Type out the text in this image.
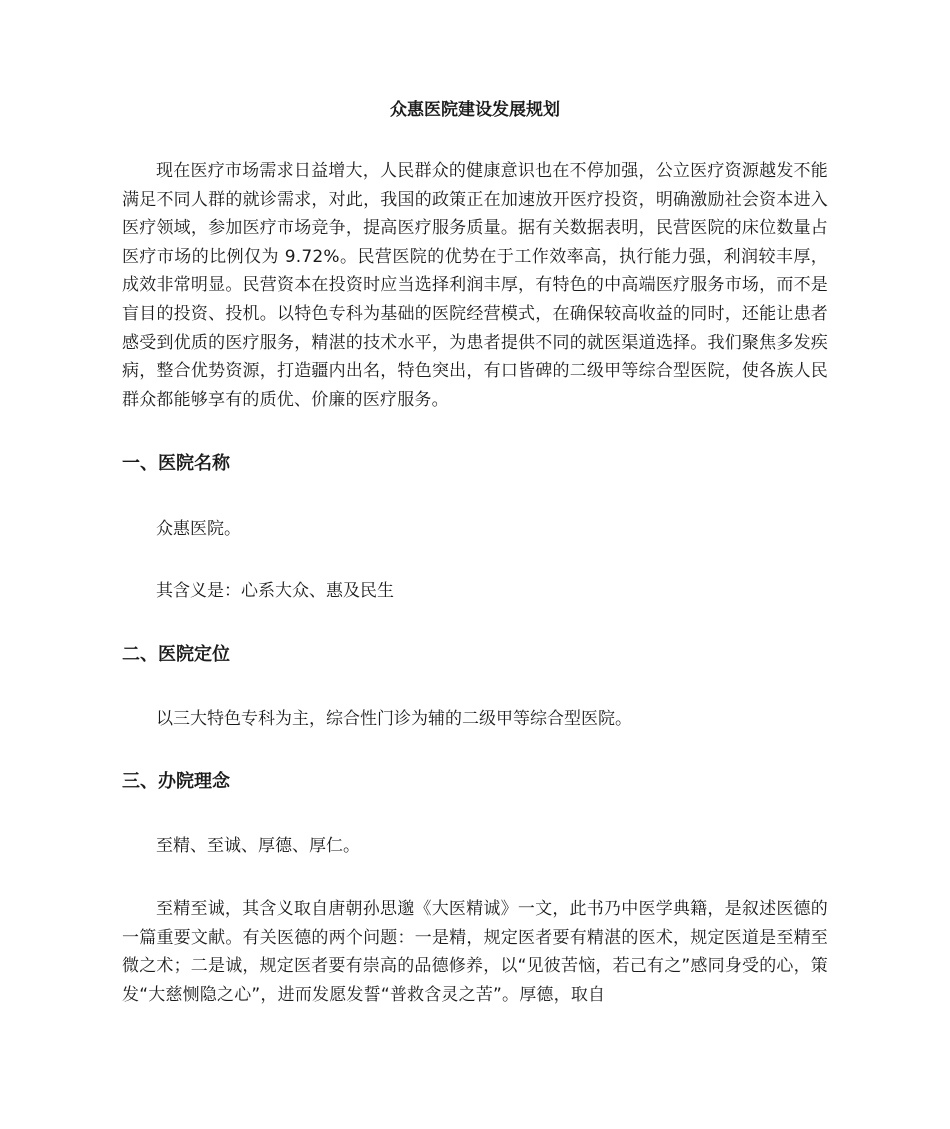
众惠医院建设发展规划

现在医疗市场需求日益增大，人民群众的健康意识也在不停加强，公立医疗资源越发不能满足不同人群的就诊需求，对此，我国的政策正在加速放开医疗投资，明确激励社会资本进入医疗领域，参加医疗市场竞争，提高医疗服务质量。据有关数据表明，民营医院的床位数量占医疗市场的比例仅为 9.72%。民营医院的优势在于工作效率高，执行能力强，利润较丰厚，成效非常明显。民营资本在投资时应当选择利润丰厚，有特色的中高端医疗服务市场，而不是盲目的投资、投机。以特色专科为基础的医院经营模式，在确保较高收益的同时，还能让患者感受到优质的医疗服务，精湛的技术水平，为患者提供不同的就医渠道选择。我们聚焦多发疾病，整合优势资源，打造疆内出名，特色突出，有口皆碑的二级甲等综合型医院，使各族人民群众都能够享有的质优、价廉的医疗服务。

一、医院名称

众惠医院。

其含义是：心系大众、惠及民生

二、医院定位

以三大特色专科为主，综合性门诊为辅的二级甲等综合型医院。

三、办院理念

至精、至诚、厚德、厚仁。

至精至诚，其含义取自唐朝孙思邈《大医精诚》一文，此书乃中医学典籍，是叙述医德的一篇重要文献。有关医德的两个问题：一是精，规定医者要有精湛的医术，规定医道是至精至微之术；二是诚，规定医者要有崇高的品德修养，以“见彼苦恼，若己有之”感同身受的心，策发“大慈恻隐之心”，进而发愿发誓“普救含灵之苦”。厚德，取自
